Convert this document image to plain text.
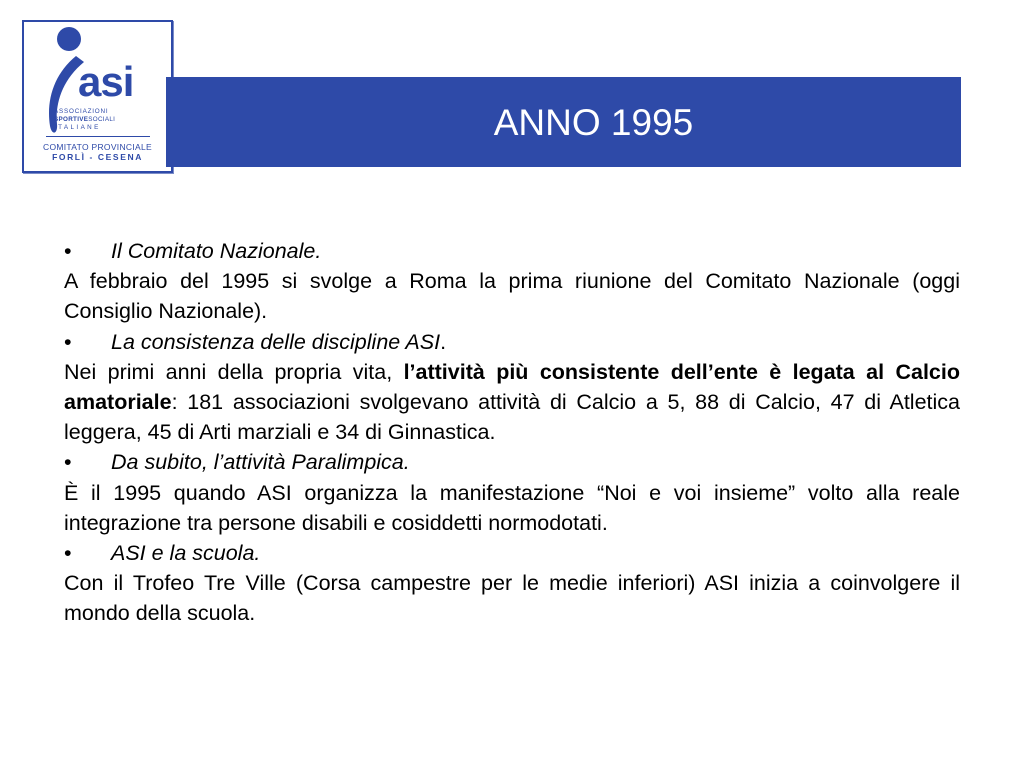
asi
ASSOCIAZIONI
SPORTIVESOCIALI
ITALIANE
COMITATO PROVINCIALE
FORLÌ - CESENA
ANNO 1995
• Il Comitato Nazionale.

A febbraio del 1995 si svolge a Roma la prima riunione del Comitato Nazionale (oggi Consiglio Nazionale).

• La consistenza delle discipline ASI.

Nei primi anni della propria vita, l’attività più consistente dell’ente è legata al Calcio amatoriale: 181 associazioni svolgevano attività di Calcio a 5, 88 di Calcio, 47 di Atletica leggera, 45 di Arti marziali e 34 di Ginnastica.

• Da subito, l’attività Paralimpica.

È il 1995 quando ASI organizza la manifestazione “Noi e voi insieme” volto alla reale integrazione tra persone disabili e cosiddetti normodotati.

• ASI e la scuola.

Con il Trofeo Tre Ville (Corsa campestre per le medie inferiori) ASI inizia a coinvolgere il mondo della scuola.
